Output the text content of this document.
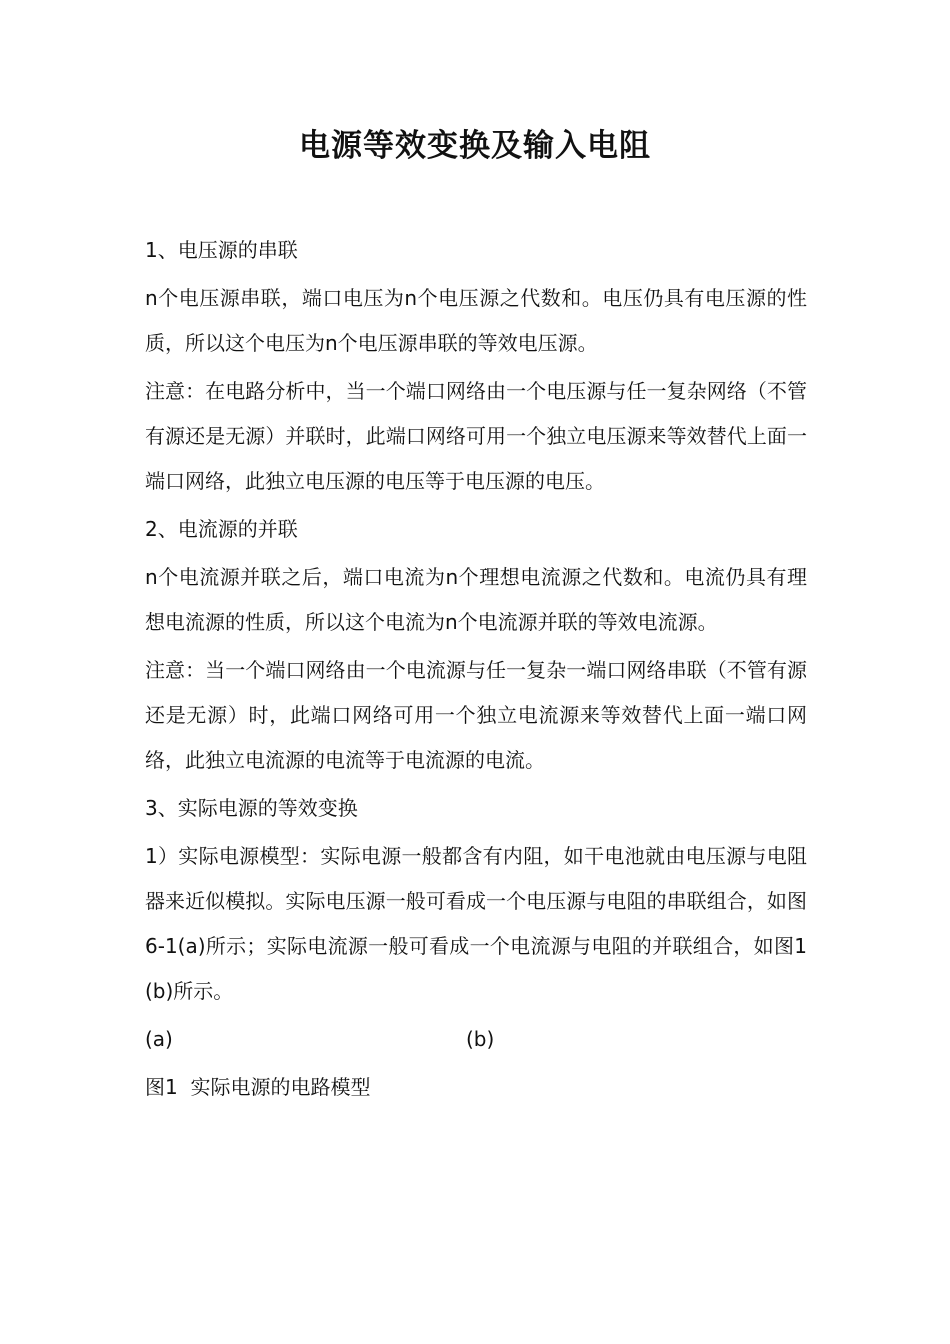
电源等效变换及输入电阻

1、电压源的串联

n个电压源串联，端口电压为n个电压源之代数和。电压仍具有电压源的性质，所以这个电压为n个电压源串联的等效电压源。

注意：在电路分析中，当一个端口网络由一个电压源与任一复杂网络（不管有源还是无源）并联时，此端口网络可用一个独立电压源来等效替代上面一端口网络，此独立电压源的电压等于电压源的电压。

2、电流源的并联

n个电流源并联之后，端口电流为n个理想电流源之代数和。电流仍具有理想电流源的性质，所以这个电流为n个电流源并联的等效电流源。

注意：当一个端口网络由一个电流源与任一复杂一端口网络串联（不管有源还是无源）时，此端口网络可用一个独立电流源来等效替代上面一端口网络，此独立电流源的电流等于电流源的电流。

3、实际电源的等效变换

1）实际电源模型：实际电源一般都含有内阻，如干电池就由电压源与电阻器来近似模拟。实际电压源一般可看成一个电压源与电阻的串联组合，如图6-1(a)所示；实际电流源一般可看成一个电流源与电阻的并联组合，如图1 (b)所示。

(a)	(b)

图1  实际电源的电路模型
